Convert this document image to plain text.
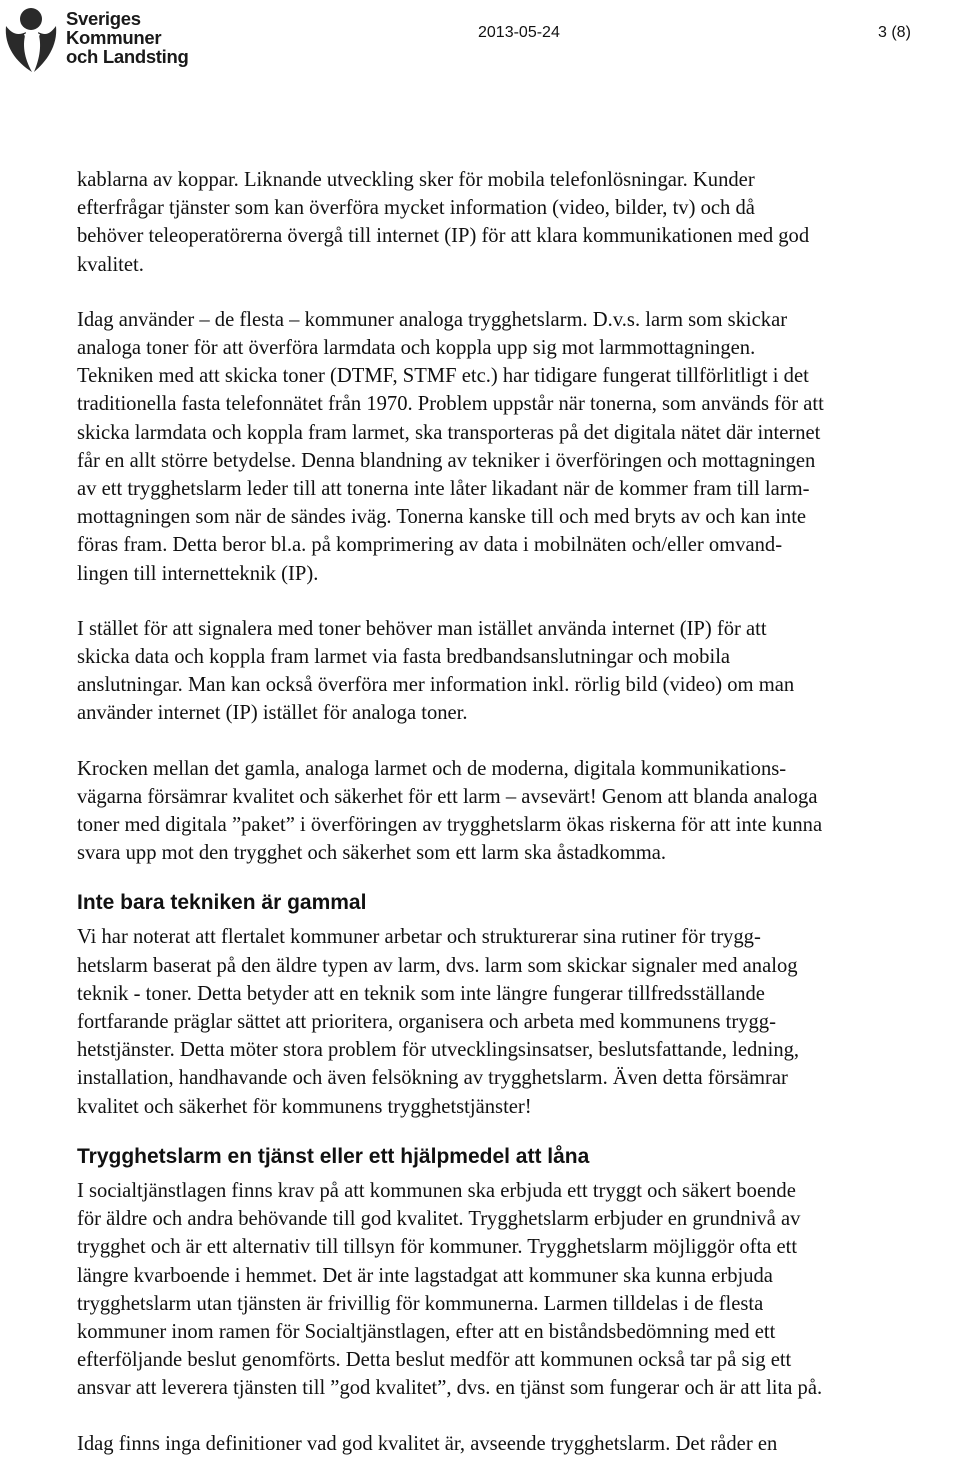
Sveriges
Kommuner
och Landsting
2013-05-24	3 (8)

kablarna av koppar. Liknande utveckling sker för mobila telefonlösningar. Kunder
efterfrågar tjänster som kan överföra mycket information (video, bilder, tv) och då
behöver teleoperatörerna övergå till internet (IP) för att klara kommunikationen med god
kvalitet.

Idag använder – de flesta – kommuner analoga trygghetslarm. D.v.s. larm som skickar
analoga toner för att överföra larmdata och koppla upp sig mot larmmottagningen.
Tekniken med att skicka toner (DTMF, STMF etc.) har tidigare fungerat tillförlitligt i det
traditionella fasta telefonnätet från 1970. Problem uppstår när tonerna, som används för att
skicka larmdata och koppla fram larmet, ska transporteras på det digitala nätet där internet
får en allt större betydelse. Denna blandning av tekniker i överföringen och mottagningen
av ett trygghetslarm leder till att tonerna inte låter likadant när de kommer fram till larm-
mottagningen som när de sändes iväg. Tonerna kanske till och med bryts av och kan inte
föras fram. Detta beror bl.a. på komprimering av data i mobilnäten och/eller omvand-
lingen till internetteknik (IP).

I stället för att signalera med toner behöver man istället använda internet (IP) för att
skicka data och koppla fram larmet via fasta bredbandsanslutningar och mobila
anslutningar. Man kan också överföra mer information inkl. rörlig bild (video) om man
använder internet (IP) istället för analoga toner.

Krocken mellan det gamla, analoga larmet och de moderna, digitala kommunikations-
vägarna försämrar kvalitet och säkerhet för ett larm – avsevärt! Genom att blanda analoga
toner med digitala ”paket” i överföringen av trygghetslarm ökas riskerna för att inte kunna
svara upp mot den trygghet och säkerhet som ett larm ska åstadkomma.

Inte bara tekniken är gammal

Vi har noterat att flertalet kommuner arbetar och strukturerar sina rutiner för trygg-
hetslarm baserat på den äldre typen av larm, dvs. larm som skickar signaler med analog
teknik - toner. Detta betyder att en teknik som inte längre fungerar tillfredsställande
fortfarande präglar sättet att prioritera, organisera och arbeta med kommunens trygg-
hetstjänster. Detta möter stora problem för utvecklingsinsatser, beslutsfattande, ledning,
installation, handhavande och även felsökning av trygghetslarm. Även detta försämrar
kvalitet och säkerhet för kommunens trygghetstjänster!

Trygghetslarm en tjänst eller ett hjälpmedel att låna

I socialtjänstlagen finns krav på att kommunen ska erbjuda ett tryggt och säkert boende
för äldre och andra behövande till god kvalitet. Trygghetslarm erbjuder en grundnivå av
trygghet och är ett alternativ till tillsyn för kommuner. Trygghetslarm möjliggör ofta ett
längre kvarboende i hemmet. Det är inte lagstadgat att kommuner ska kunna erbjuda
trygghetslarm utan tjänsten är frivillig för kommunerna. Larmen tilldelas i de flesta
kommuner inom ramen för Socialtjänstlagen, efter att en biståndsbedömning med ett
efterföljande beslut genomförts. Detta beslut medför att kommunen också tar på sig ett
ansvar att leverera tjänsten till ”god kvalitet”, dvs. en tjänst som fungerar och är att lita på.

Idag finns inga definitioner vad god kvalitet är, avseende trygghetslarm. Det råder en
